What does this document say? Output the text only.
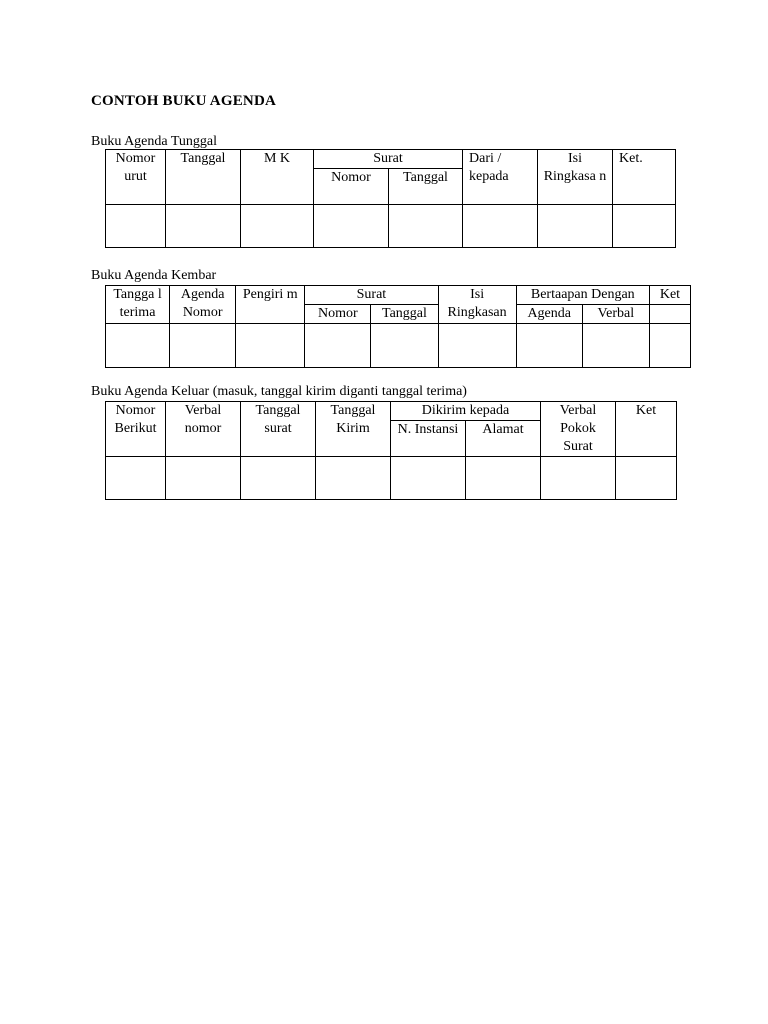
CONTOH BUKU AGENDA
Buku Agenda Tunggal
Nomor urut	Tanggal	M K	Surat		Dari / kepada	Isi Ringkasa n	Ket.
			Nomor	Tanggal			

Buku Agenda Kembar
Tangga l terima	Agenda Nomor	Pengiri m	Surat		Isi Ringkasan	Bertaapan Dengan		Ket
			Nomor	Tanggal		Agenda	Verbal	

Buku Agenda Keluar (masuk, tanggal kirim diganti tanggal terima)
Nomor Berikut	Verbal nomor	Tanggal surat	Tanggal Kirim	Dikirim kepada		Verbal Pokok Surat	Ket
				N. Instansi	Alamat		
